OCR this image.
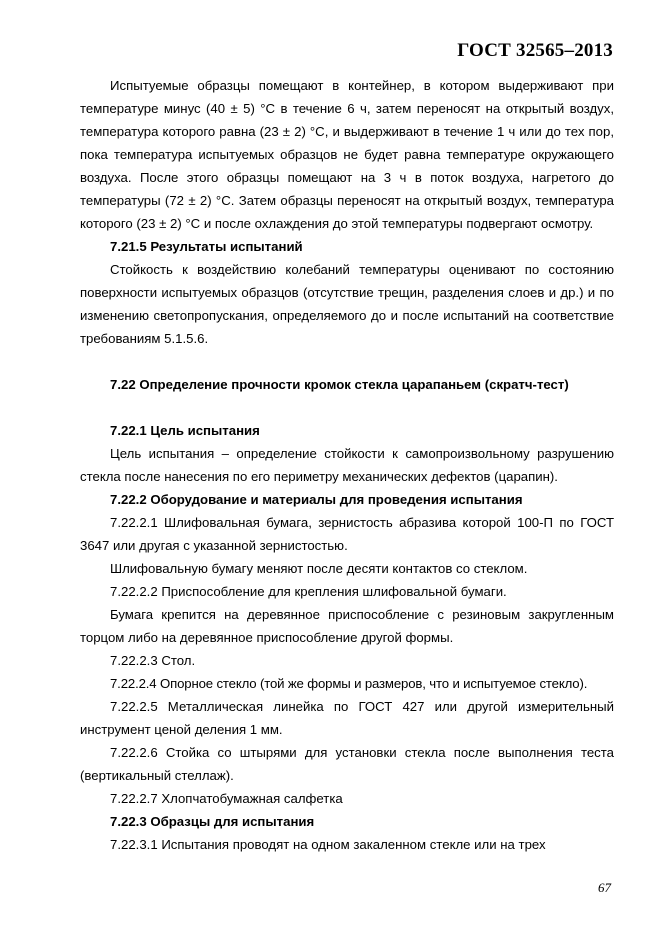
ГОСТ 32565–2013

Испытуемые образцы помещают в контейнер, в котором выдерживают при температуре минус (40 ± 5) °С в течение 6 ч, затем переносят на открытый воздух, температура которого равна (23 ± 2) °С, и выдерживают в течение 1 ч или до тех пор, пока температура испытуемых образцов не будет равна температуре окружающего воздуха. После этого образцы помещают на 3 ч в поток воздуха, нагретого до температуры (72 ± 2) °С. Затем образцы переносят на открытый воздух, температура которого (23 ± 2) °С и после охлаждения до этой температуры подвергают осмотру.

7.21.5 Результаты испытаний

Стойкость к воздействию колебаний температуры оценивают по состоянию поверхности испытуемых образцов (отсутствие трещин, разделения слоев и др.) и по изменению светопропускания, определяемого до и после испытаний на соответствие требованиям 5.1.5.6.

7.22 Определение прочности кромок стекла царапаньем (скратч-тест)

7.22.1 Цель испытания

Цель испытания – определение стойкости к самопроизвольному разрушению стекла после нанесения по его периметру механических дефектов (царапин).

7.22.2 Оборудование и материалы для проведения испытания

7.22.2.1 Шлифовальная бумага, зернистость абразива которой 100-П по ГОСТ 3647 или другая с указанной зернистостью.

Шлифовальную бумагу меняют после десяти контактов со стеклом.

7.22.2.2 Приспособление для крепления шлифовальной бумаги.

Бумага крепится на деревянное приспособление с резиновым закругленным торцом либо на деревянное приспособление другой формы.

7.22.2.3 Стол.

7.22.2.4 Опорное стекло (той же формы и размеров, что и испытуемое стекло).

7.22.2.5 Металлическая линейка по ГОСТ 427 или другой измерительный инструмент ценой деления 1 мм.

7.22.2.6 Стойка со штырями для установки стекла после выполнения теста (вертикальный стеллаж).

7.22.2.7 Хлопчатобумажная салфетка

7.22.3 Образцы для испытания

7.22.3.1 Испытания проводят на одном закаленном стекле или на трех

67
